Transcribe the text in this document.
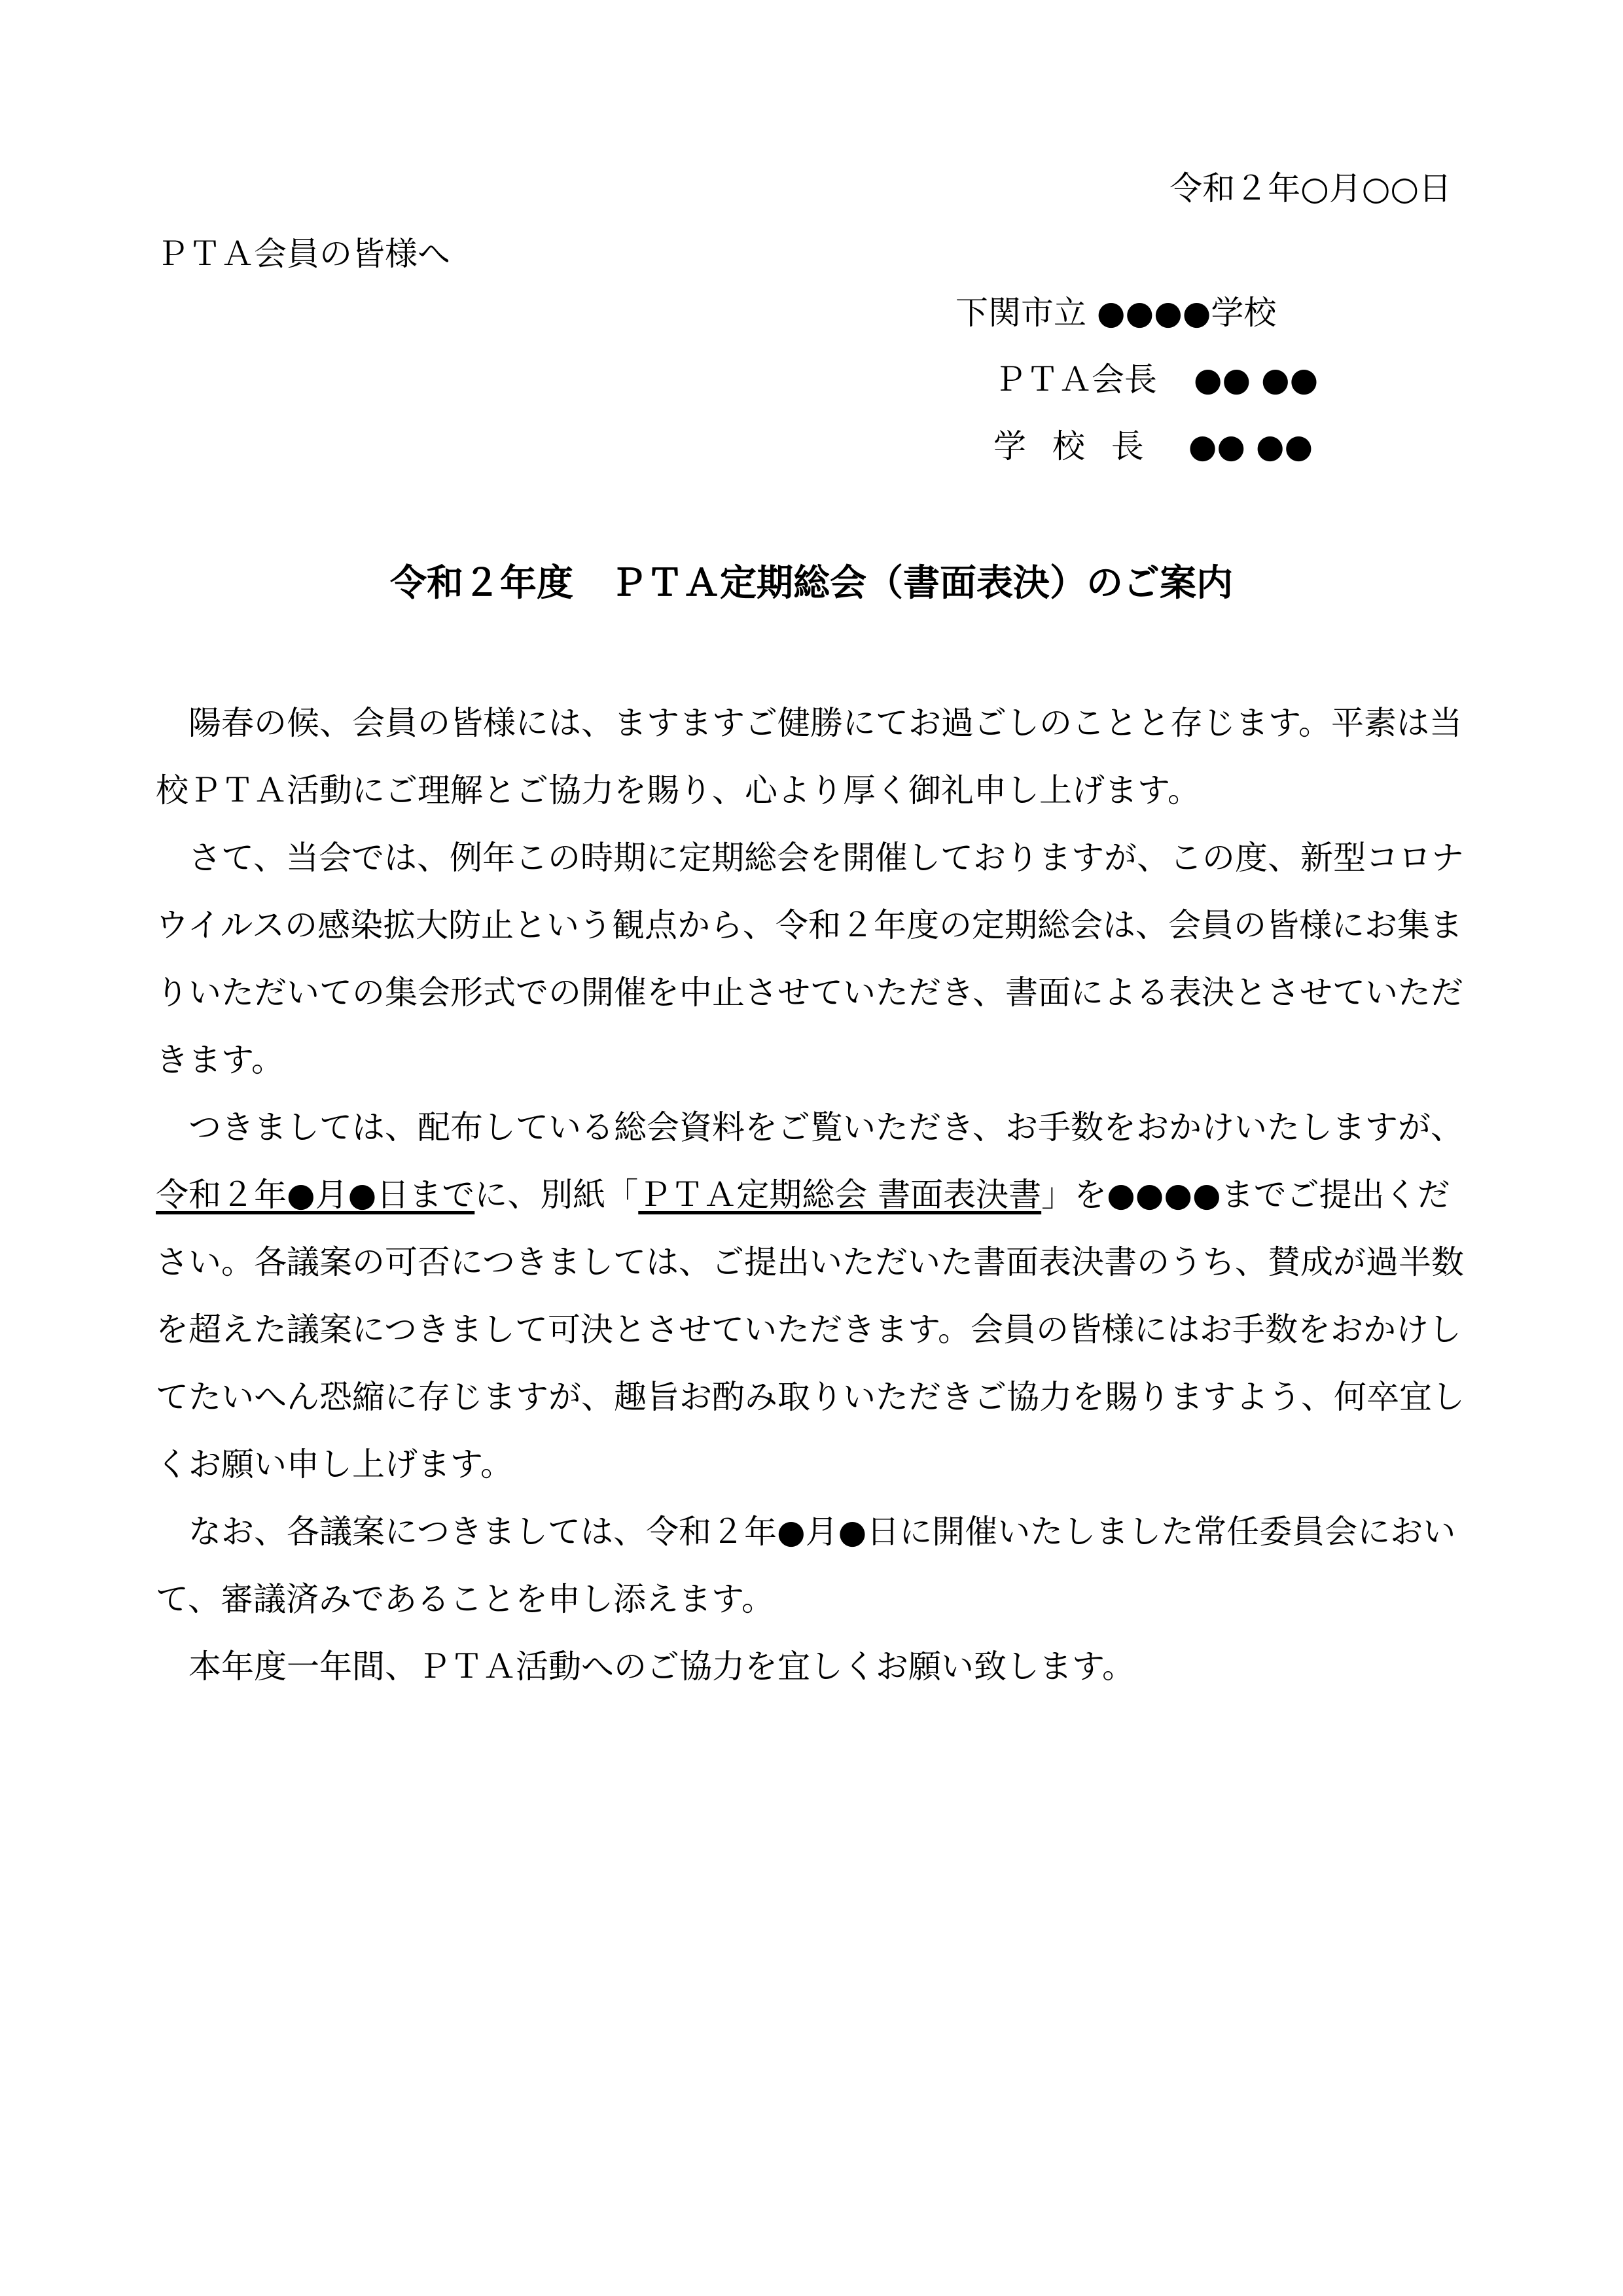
令和２年○月○○日
ＰＴＡ会員の皆様へ
下関市立 ●●●●学校
ＰＴＡ会長 ●● ●●
学 校 長 ●● ●●
令和２年度　ＰＴＡ定期総会（書面表決）のご案内

陽春の候、会員の皆様には、ますますご健勝にてお過ごしのことと存じます。平素は当校ＰＴＡ活動にご理解とご協力を賜り、心より厚く御礼申し上げます。

さて、当会では、例年この時期に定期総会を開催しておりますが、この度、新型コロナウイルスの感染拡大防止という観点から、令和２年度の定期総会は、会員の皆様にお集まりいただいての集会形式での開催を中止させていただき、書面による表決とさせていただきます。

つきましては、配布している総会資料をご覧いただき、お手数をおかけいたしますが、令和２年●月●日までに、別紙「ＰＴＡ定期総会 書面表決書」を●●●●までご提出ください。各議案の可否につきましては、ご提出いただいた書面表決書のうち、賛成が過半数を超えた議案につきまして可決とさせていただきます。会員の皆様にはお手数をおかけしてたいへん恐縮に存じますが、趣旨お酌み取りいただきご協力を賜りますよう、何卒宜しくお願い申し上げます。

なお、各議案につきましては、令和２年●月●日に開催いたしました常任委員会において、審議済みであることを申し添えます。

本年度一年間、ＰＴＡ活動へのご協力を宜しくお願い致します。
